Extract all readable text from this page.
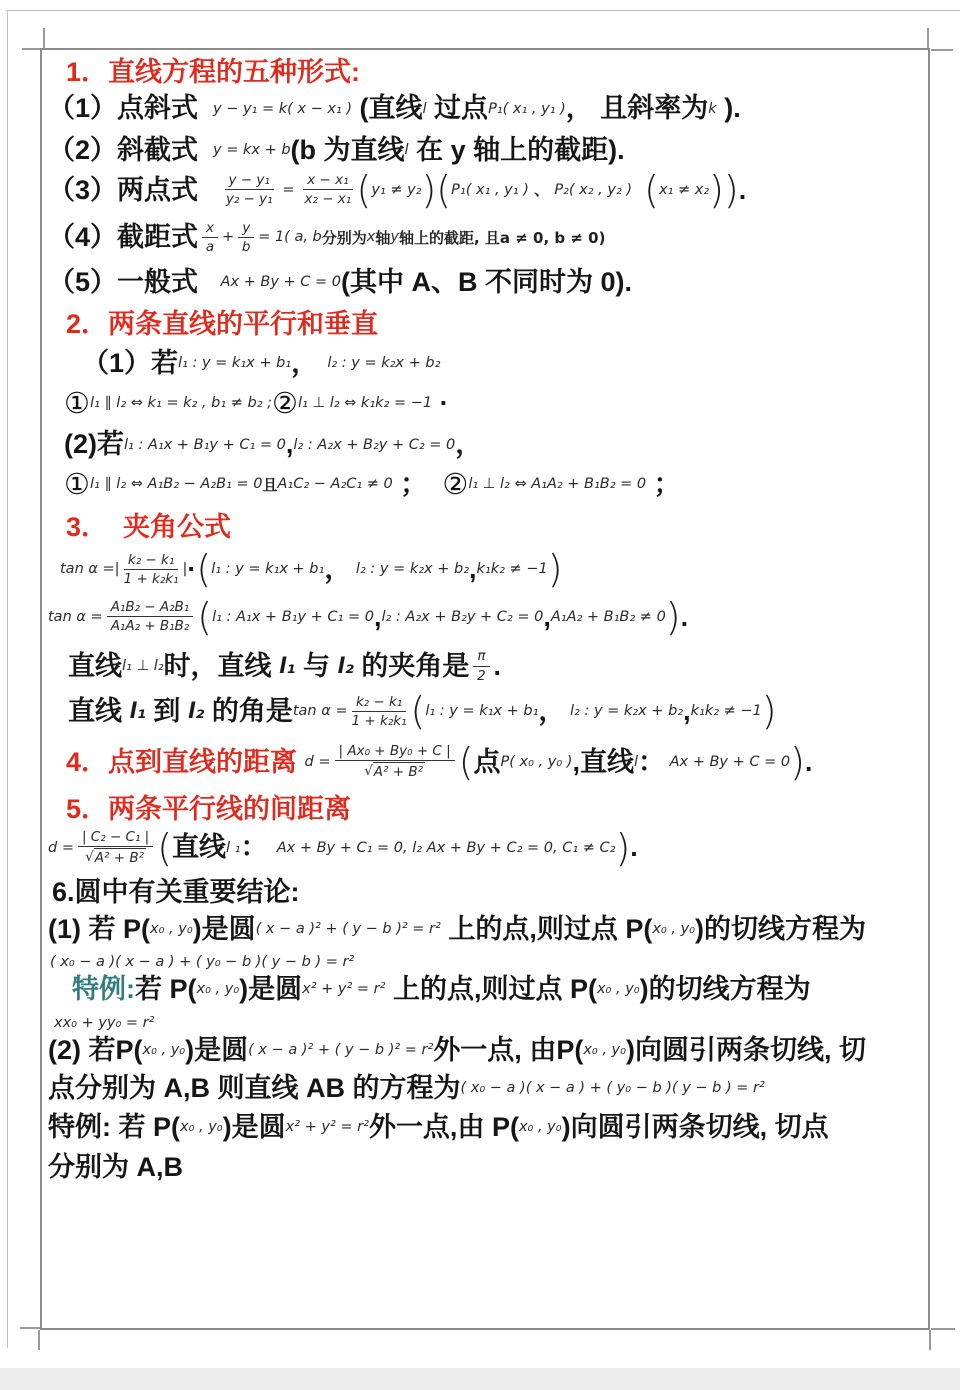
1．直线方程的五种形式:
（1）点斜式 y − y₁ = k( x − x₁ ) (直线 l 过点 P₁( x₁ , y₁ ) ， 且斜率为 k ).
（2）斜截式 y = kx + b (b 为直线 l 在 y 轴上的截距).
（3）两点式 $\frac{\text{y − y₁}}{\text{y₂ − y₁}} = \frac{\text{x − x₁}}{\text{x₂ − x₁}}$ ( y₁ ≠ y₂ )( P₁( x₁ , y₁ ) 、 P₂( x₂ , y₂ ) ( x₁ ≠ x₂ )) .
（4）截距式 $\frac{x}{a} + \frac{y}{b} = 1$( a, b 分别为 x 轴 y 轴上的截距, 且a ≠ 0, b ≠ 0)
（5）一般式 Ax + By + C = 0 (其中 A、B 不同时为 0).
2．两条直线的平行和垂直
（1）若 l₁ : y = k₁x + b₁ ， l₂ : y = k₂x + b₂
① l₁ ∥ l₂ ⇔ k₁ = k₂ , b₁ ≠ b₂ ; ② l₁ ⊥ l₂ ⇔ k₁k₂ = −1 ·
(2)若 l₁ : A₁x + B₁y + C₁ = 0 , l₂ : A₂x + B₂y + C₂ = 0 ，
① l₁ ∥ l₂ ⇔ A₁B₂ − A₂B₁ = 0 且 A₁C₂ − A₂C₁ ≠ 0 ； ② l₁ ⊥ l₂ ⇔ A₁A₂ + B₁B₂ = 0 ；
3．  夹角公式
tan α =| $\frac{\text{k₂ − k₁}}{\text{1 + k₂k₁}}$ | · ( l₁ : y = k₁x + b₁ ， l₂ : y = k₂x + b₂ , k₁k₂ ≠ −1 )
$\tan \alpha = \frac{\text{A₁B₂ − A₂B₁}}{\text{A₁A₂ + B₁B₂}}$ ( l₁ : A₁x + B₁y + C₁ = 0 , l₂ : A₂x + B₂y + C₂ = 0 , A₁A₂ + B₁B₂ ≠ 0 ) .
直线 l₁ ⊥ l₂ 时，直线 l₁ 与 l₂ 的夹角是 $\frac{\pi}{2}$ .
直线 l₁ 到 l₂ 的角是 $\tan \alpha = \frac{\text{k₂ − k₁}}{\text{1 + k₂k₁}}$ ( l₁ : y = k₁x + b₁ ， l₂ : y = k₂x + b₂ , k₁k₂ ≠ −1 )
4．点到直线的距离 $d = \frac{\text{| Ax₀ + By₀ + C |}}{\text{√ A² + B²}}$ ( 点 P( x₀ , y₀ ) ,直线 l ： Ax + By + C = 0 ) .
5．两条平行线的间距离
$d = \frac{\text{| C₂ − C₁ |}}{\text{√ A² + B²}}$ ( 直线 l ₁ ： Ax + By + C₁ = 0, l₂ Ax + By + C₂ = 0, C₁ ≠ C₂ ) .
6.圆中有关重要结论:
(1) 若 P( x₀ , y₀ )是圆 ( x − a )² + ( y − b )² = r² 上的点,则过点 P( x₀ , y₀ )的切线方程为
( x₀ − a )( x − a ) + ( y₀ − b )( y − b ) = r²
特例: 若 P( x₀ , y₀ )是圆 x² + y² = r² 上的点,则过点 P( x₀ , y₀ )的切线方程为
xx₀ + yy₀ = r²
(2) 若P( x₀ , y₀ )是圆 ( x − a )² + ( y − b )² = r² 外一点, 由P( x₀ , y₀ )向圆引两条切线, 切
点分别为 A,B 则直线 AB 的方程为 ( x₀ − a )( x − a ) + ( y₀ − b )( y − b ) = r²
特例: 若 P( x₀ , y₀ )是圆 x² + y² = r² 外一点,由 P( x₀ , y₀ )向圆引两条切线, 切点
分别为 A,B
